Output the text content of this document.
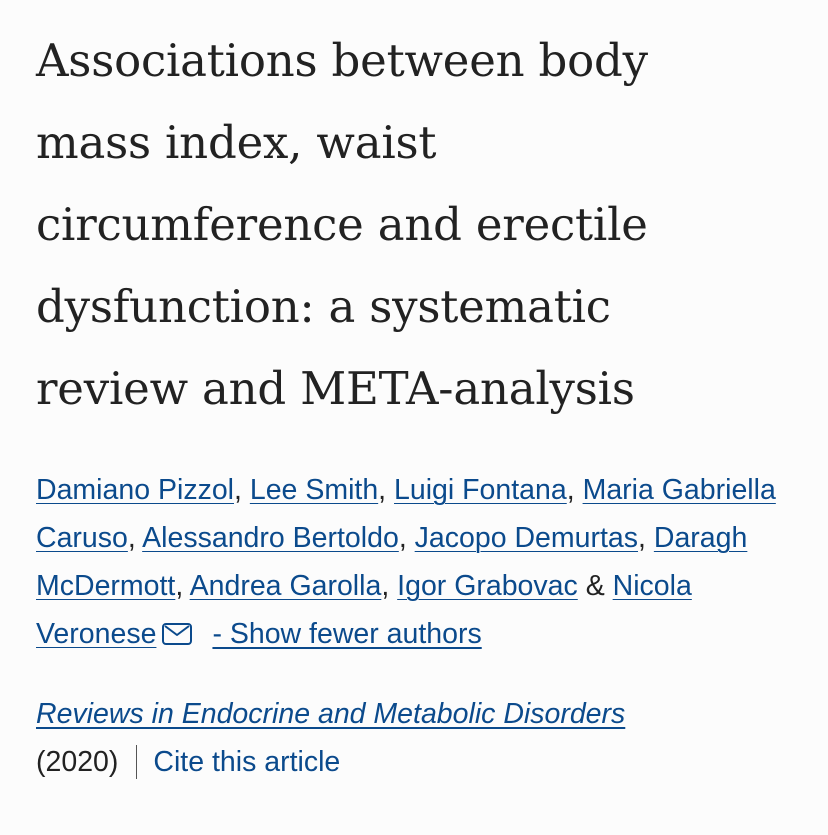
Associations between body mass index, waist circumference and erectile dysfunction: a systematic review and META-analysis
Damiano Pizzol, Lee Smith, Luigi Fontana, Maria Gabriella Caruso, Alessandro Bertoldo, Jacopo Demurtas, Daragh McDermott, Andrea Garolla, Igor Grabovac & Nicola Veronese - Show fewer authors
Reviews in Endocrine and Metabolic Disorders
(2020) Cite this article
